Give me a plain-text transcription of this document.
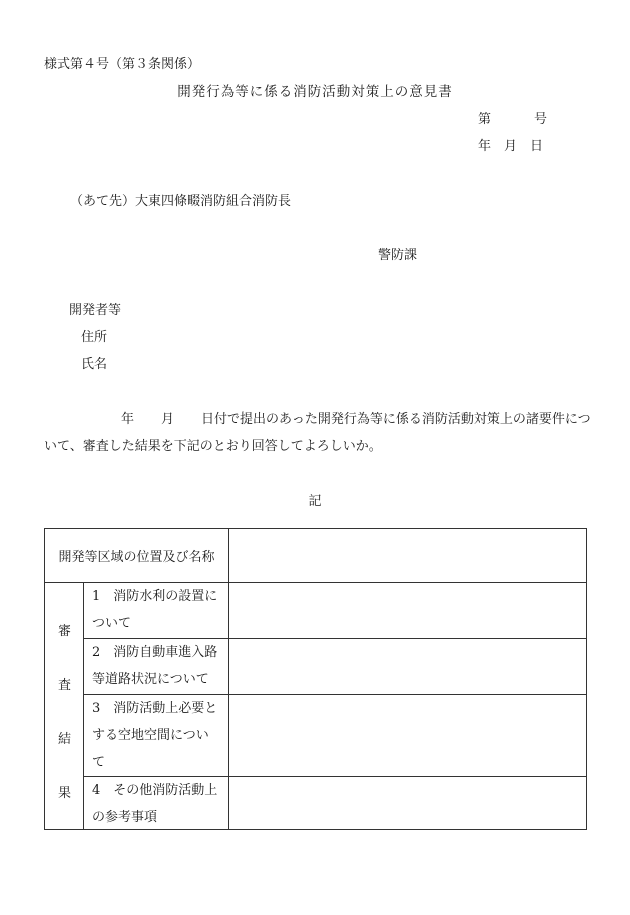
様式第４号（第３条関係）
開発行為等に係る消防活動対策上の意見書
第	号
年 月 日
（あて先）大東四條畷消防組合消防長
警防課
開発者等
住所
氏名
年 月 日付で提出のあった開発行為等に係る消防活動対策上の諸要件につ
いて、審査した結果を下記のとおり回答してよろしいか。
記
開発等区域の位置及び名称
審
査
結
果
1　消防水利の設置に
ついて
2　消防自動車進入路
等道路状況について
3　消防活動上必要と
する空地空間につい
て
4　その他消防活動上
の参考事項
